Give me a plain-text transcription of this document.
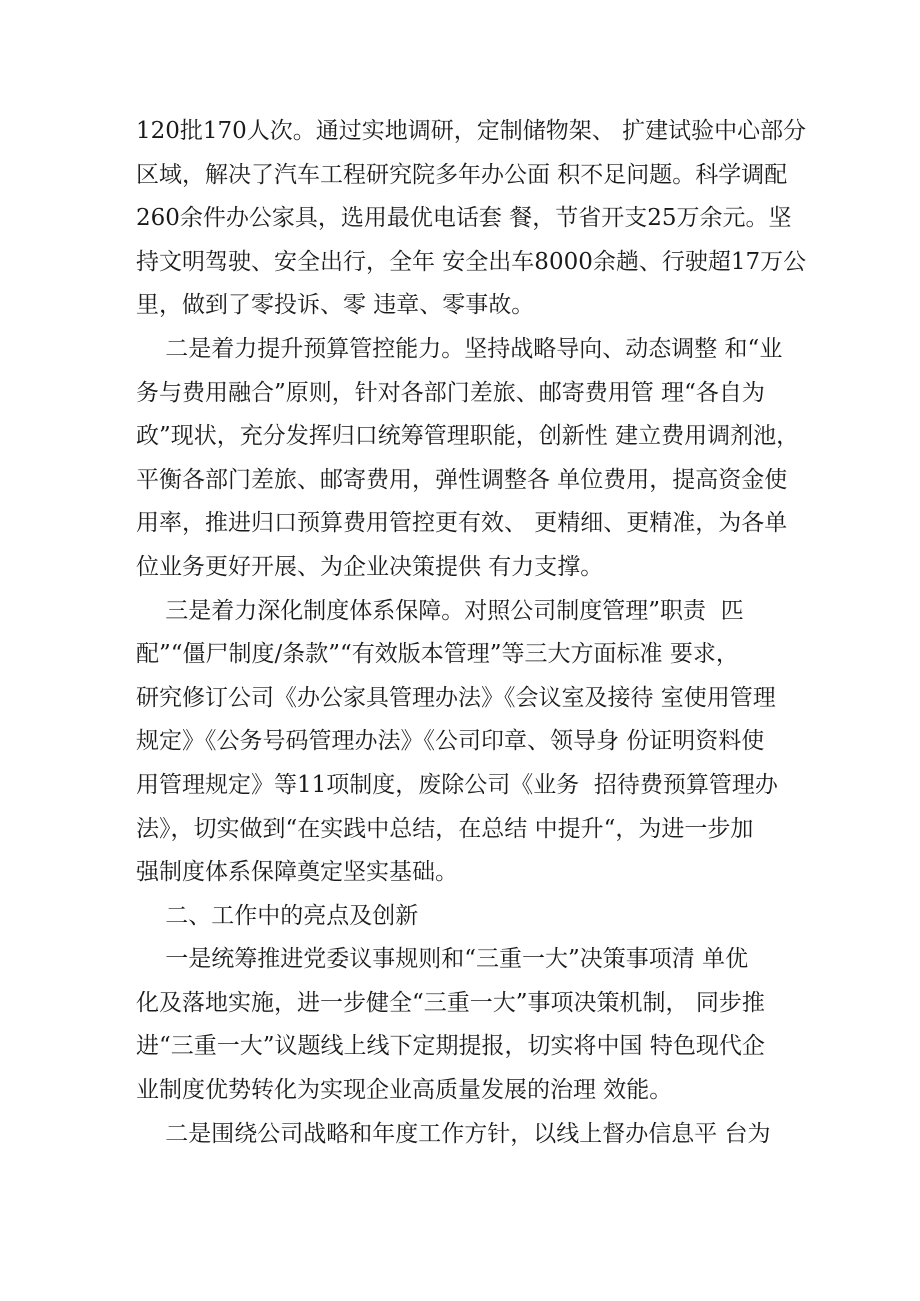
120批170人次。通过实地调研，定制储物架、 扩建试验中心部分

区域，解决了汽车工程研究院多年办公面 积不足问题。科学调配

260余件办公家具，选用最优电话套 餐，节省开支25万余元。坚

持文明驾驶、安全出行，全年 安全出车8000余趟、行驶超17万公

里，做到了零投诉、零 违章、零事故。

二是着力提升预算管控能力。坚持战略导向、动态调整 和“业

务与费用融合”原则，针对各部门差旅、邮寄费用管 理“各自为

政”现状，充分发挥归口统筹管理职能，创新性 建立费用调剂池，

平衡各部门差旅、邮寄费用，弹性调整各 单位费用，提高资金使

用率，推进归口预算费用管控更有效、 更精细、更精准，为各单

位业务更好开展、为企业决策提供 有力支撑。

三是着力深化制度体系保障。对照公司制度管理”职责  匹

配”“僵尸制度/条款”“有效版本管理”等三大方面标准 要求，

研究修订公司《办公家具管理办法》《会议室及接待 室使用管理

规定》《公务号码管理办法》《公司印章、领导身 份证明资料使

用管理规定》等11项制度，废除公司《业务  招待费预算管理办

法》，切实做到“在实践中总结，在总结 中提升“，为进一步加

强制度体系保障奠定坚实基础。

二、工作中的亮点及创新

一是统筹推进党委议事规则和“三重一大”决策事项清 单优

化及落地实施，进一步健全“三重一大”事项决策机制， 同步推

进“三重一大”议题线上线下定期提报，切实将中国 特色现代企

业制度优势转化为实现企业高质量发展的治理 效能。

二是围绕公司战略和年度工作方针，以线上督办信息平 台为
